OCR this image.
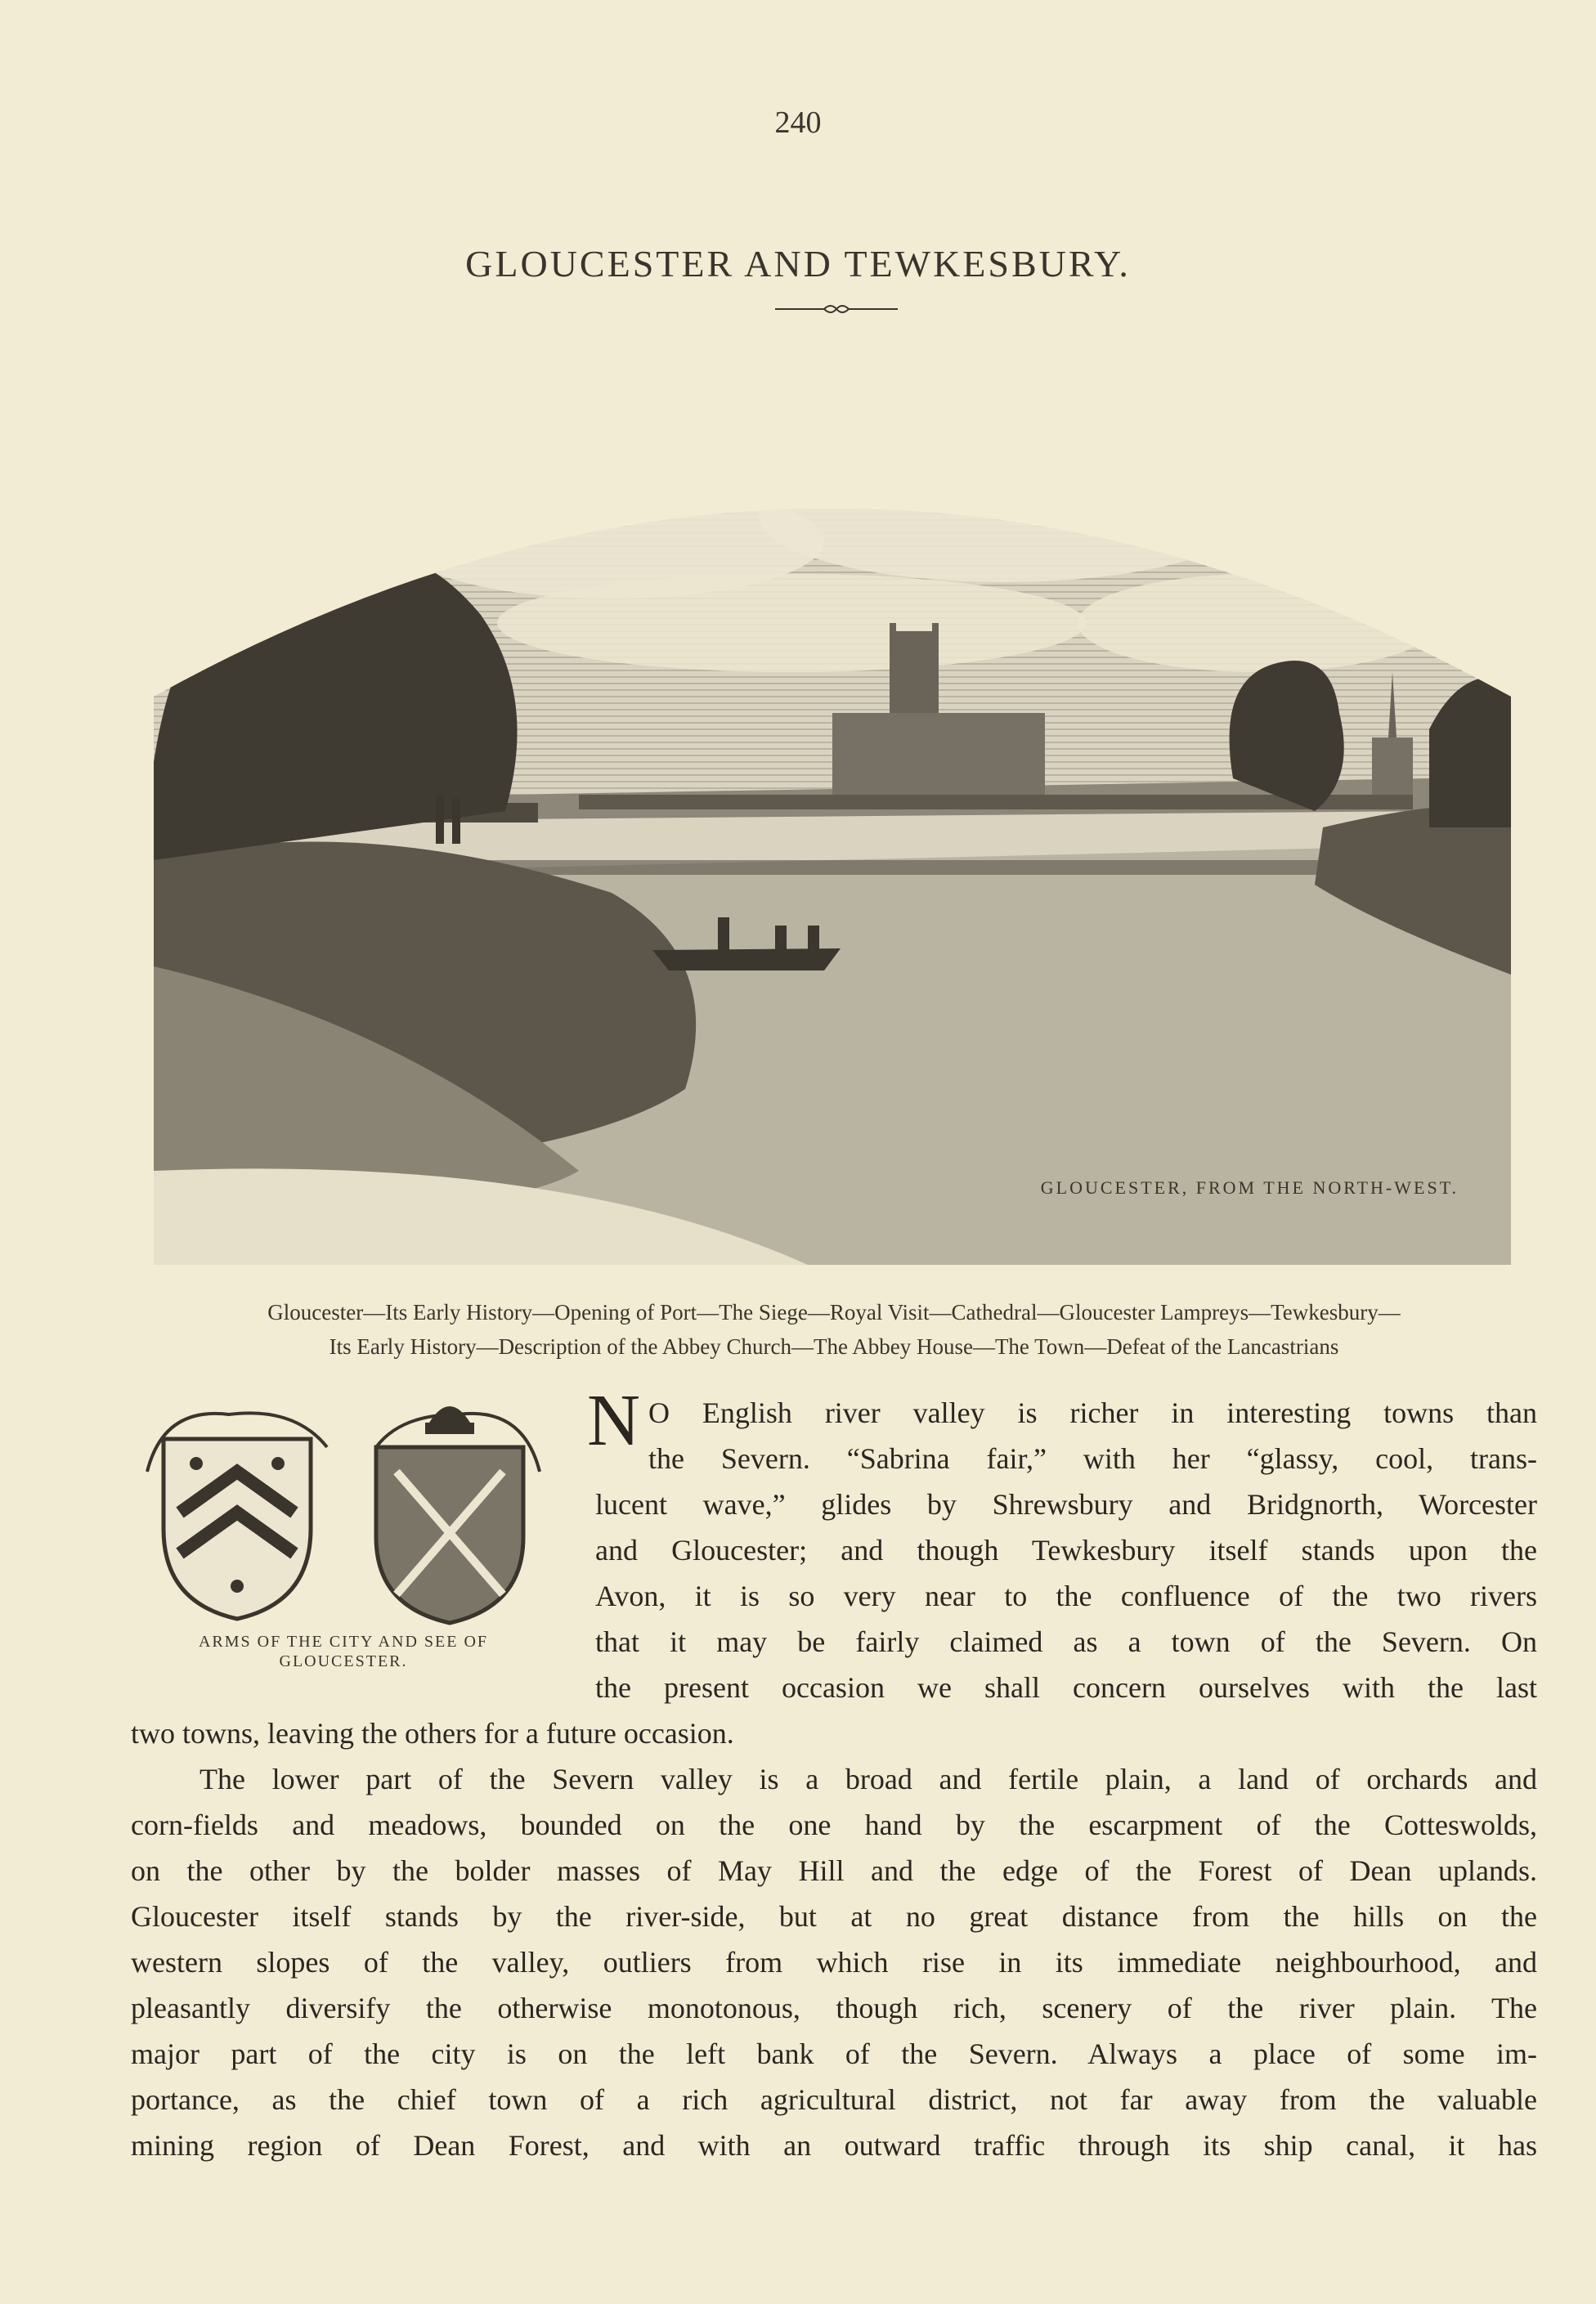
240
GLOUCESTER AND TEWKESBURY.
GLOUCESTER, FROM THE NORTH-WEST.
Gloucester—Its Early History—Opening of Port—The Siege—Royal Visit—Cathedral—Gloucester Lampreys—Tewkesbury—
Its Early History—Description of the Abbey Church—The Abbey House—The Town—Defeat of the Lancastrians
ARMS OF THE CITY AND SEE OF
GLOUCESTER.
N O English river valley is richer in interesting towns than
the Severn. “Sabrina fair,” with her “glassy, cool, trans-
lucent wave,” glides by Shrewsbury and Bridgnorth, Worcester
and Gloucester; and though Tewkesbury itself stands upon the
Avon, it is so very near to the confluence of the two rivers
that it may be fairly claimed as a town of the Severn. On
the present occasion we shall concern ourselves with the last
two towns, leaving the others for a future occasion.
The lower part of the Severn valley is a broad and fertile plain, a land of orchards and
corn-fields and meadows, bounded on the one hand by the escarpment of the Cotteswolds,
on the other by the bolder masses of May Hill and the edge of the Forest of Dean uplands.
Gloucester itself stands by the river-side, but at no great distance from the hills on the
western slopes of the valley, outliers from which rise in its immediate neighbourhood, and
pleasantly diversify the otherwise monotonous, though rich, scenery of the river plain. The
major part of the city is on the left bank of the Severn. Always a place of some im-
portance, as the chief town of a rich agricultural district, not far away from the valuable
mining region of Dean Forest, and with an outward traffic through its ship canal, it has
